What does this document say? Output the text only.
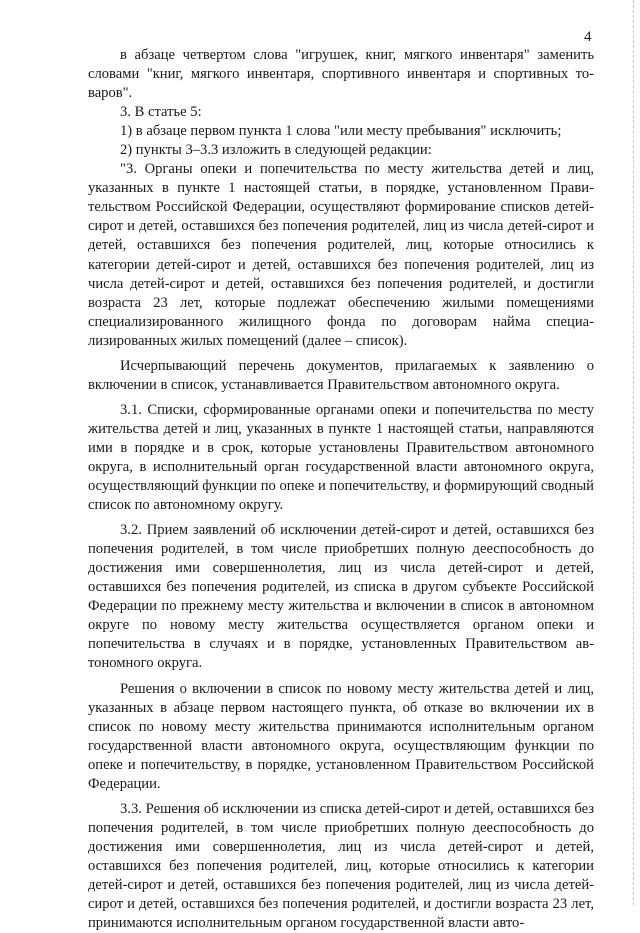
4

в абзаце четвертом слова "игрушек, книг, мягкого инвентаря" заменить словами "книг, мягкого инвентаря, спортивного инвентаря и спортивных товаров".

3. В статье 5:

1) в абзаце первом пункта 1 слова "или месту пребывания" исключить;

2) пункты 3–3.3 изложить в следующей редакции:

"3. Органы опеки и попечительства по месту жительства детей и лиц, указанных в пункте 1 настоящей статьи, в порядке, установленном Правительством Российской Федерации, осуществляют формирование списков детей-сирот и детей, оставшихся без попечения родителей, лиц из числа детей-сирот и детей, оставшихся без попечения родителей, лиц, которые относились к категории детей-сирот и детей, оставшихся без попечения родителей, лиц из числа детей-сирот и детей, оставшихся без попечения родителей, и достигли возраста 23 лет, которые подлежат обеспечению жилыми помещениями специализированного жилищного фонда по договорам найма специализированных жилых помещений (далее – список).

Исчерпывающий перечень документов, прилагаемых к заявлению о включении в список, устанавливается Правительством автономного округа.

3.1. Списки, сформированные органами опеки и попечительства по месту жительства детей и лиц, указанных в пункте 1 настоящей статьи, направляются ими в порядке и в срок, которые установлены Правительством автономного округа, в исполнительный орган государственной власти автономного округа, осуществляющий функции по опеке и попечительству, и формирующий сводный список по автономному округу.

3.2. Прием заявлений об исключении детей-сирот и детей, оставшихся без попечения родителей, в том числе приобретших полную дееспособность до достижения ими совершеннолетия, лиц из числа детей-сирот и детей, оставшихся без попечения родителей, из списка в другом субъекте Российской Федерации по прежнему месту жительства и включении в список в автономном округе по новому месту жительства осуществляется органом опеки и попечительства в случаях и в порядке, установленных Правительством автономного округа.

Решения о включении в список по новому месту жительства детей и лиц, указанных в абзаце первом настоящего пункта, об отказе во включении их в список по новому месту жительства принимаются исполнительным органом государственной власти автономного округа, осуществляющим функции по опеке и попечительству, в порядке, установленном Правительством Российской Федерации.

3.3. Решения об исключении из списка детей-сирот и детей, оставшихся без попечения родителей, в том числе приобретших полную дееспособность до достижения ими совершеннолетия, лиц из числа детей-сирот и детей, оставшихся без попечения родителей, лиц, которые относились к категории детей-сирот и детей, оставшихся без попечения родителей, лиц из числа детей-сирот и детей, оставшихся без попечения родителей, и достигли возраста 23 лет, принимаются исполнительным органом государственной власти авто-
